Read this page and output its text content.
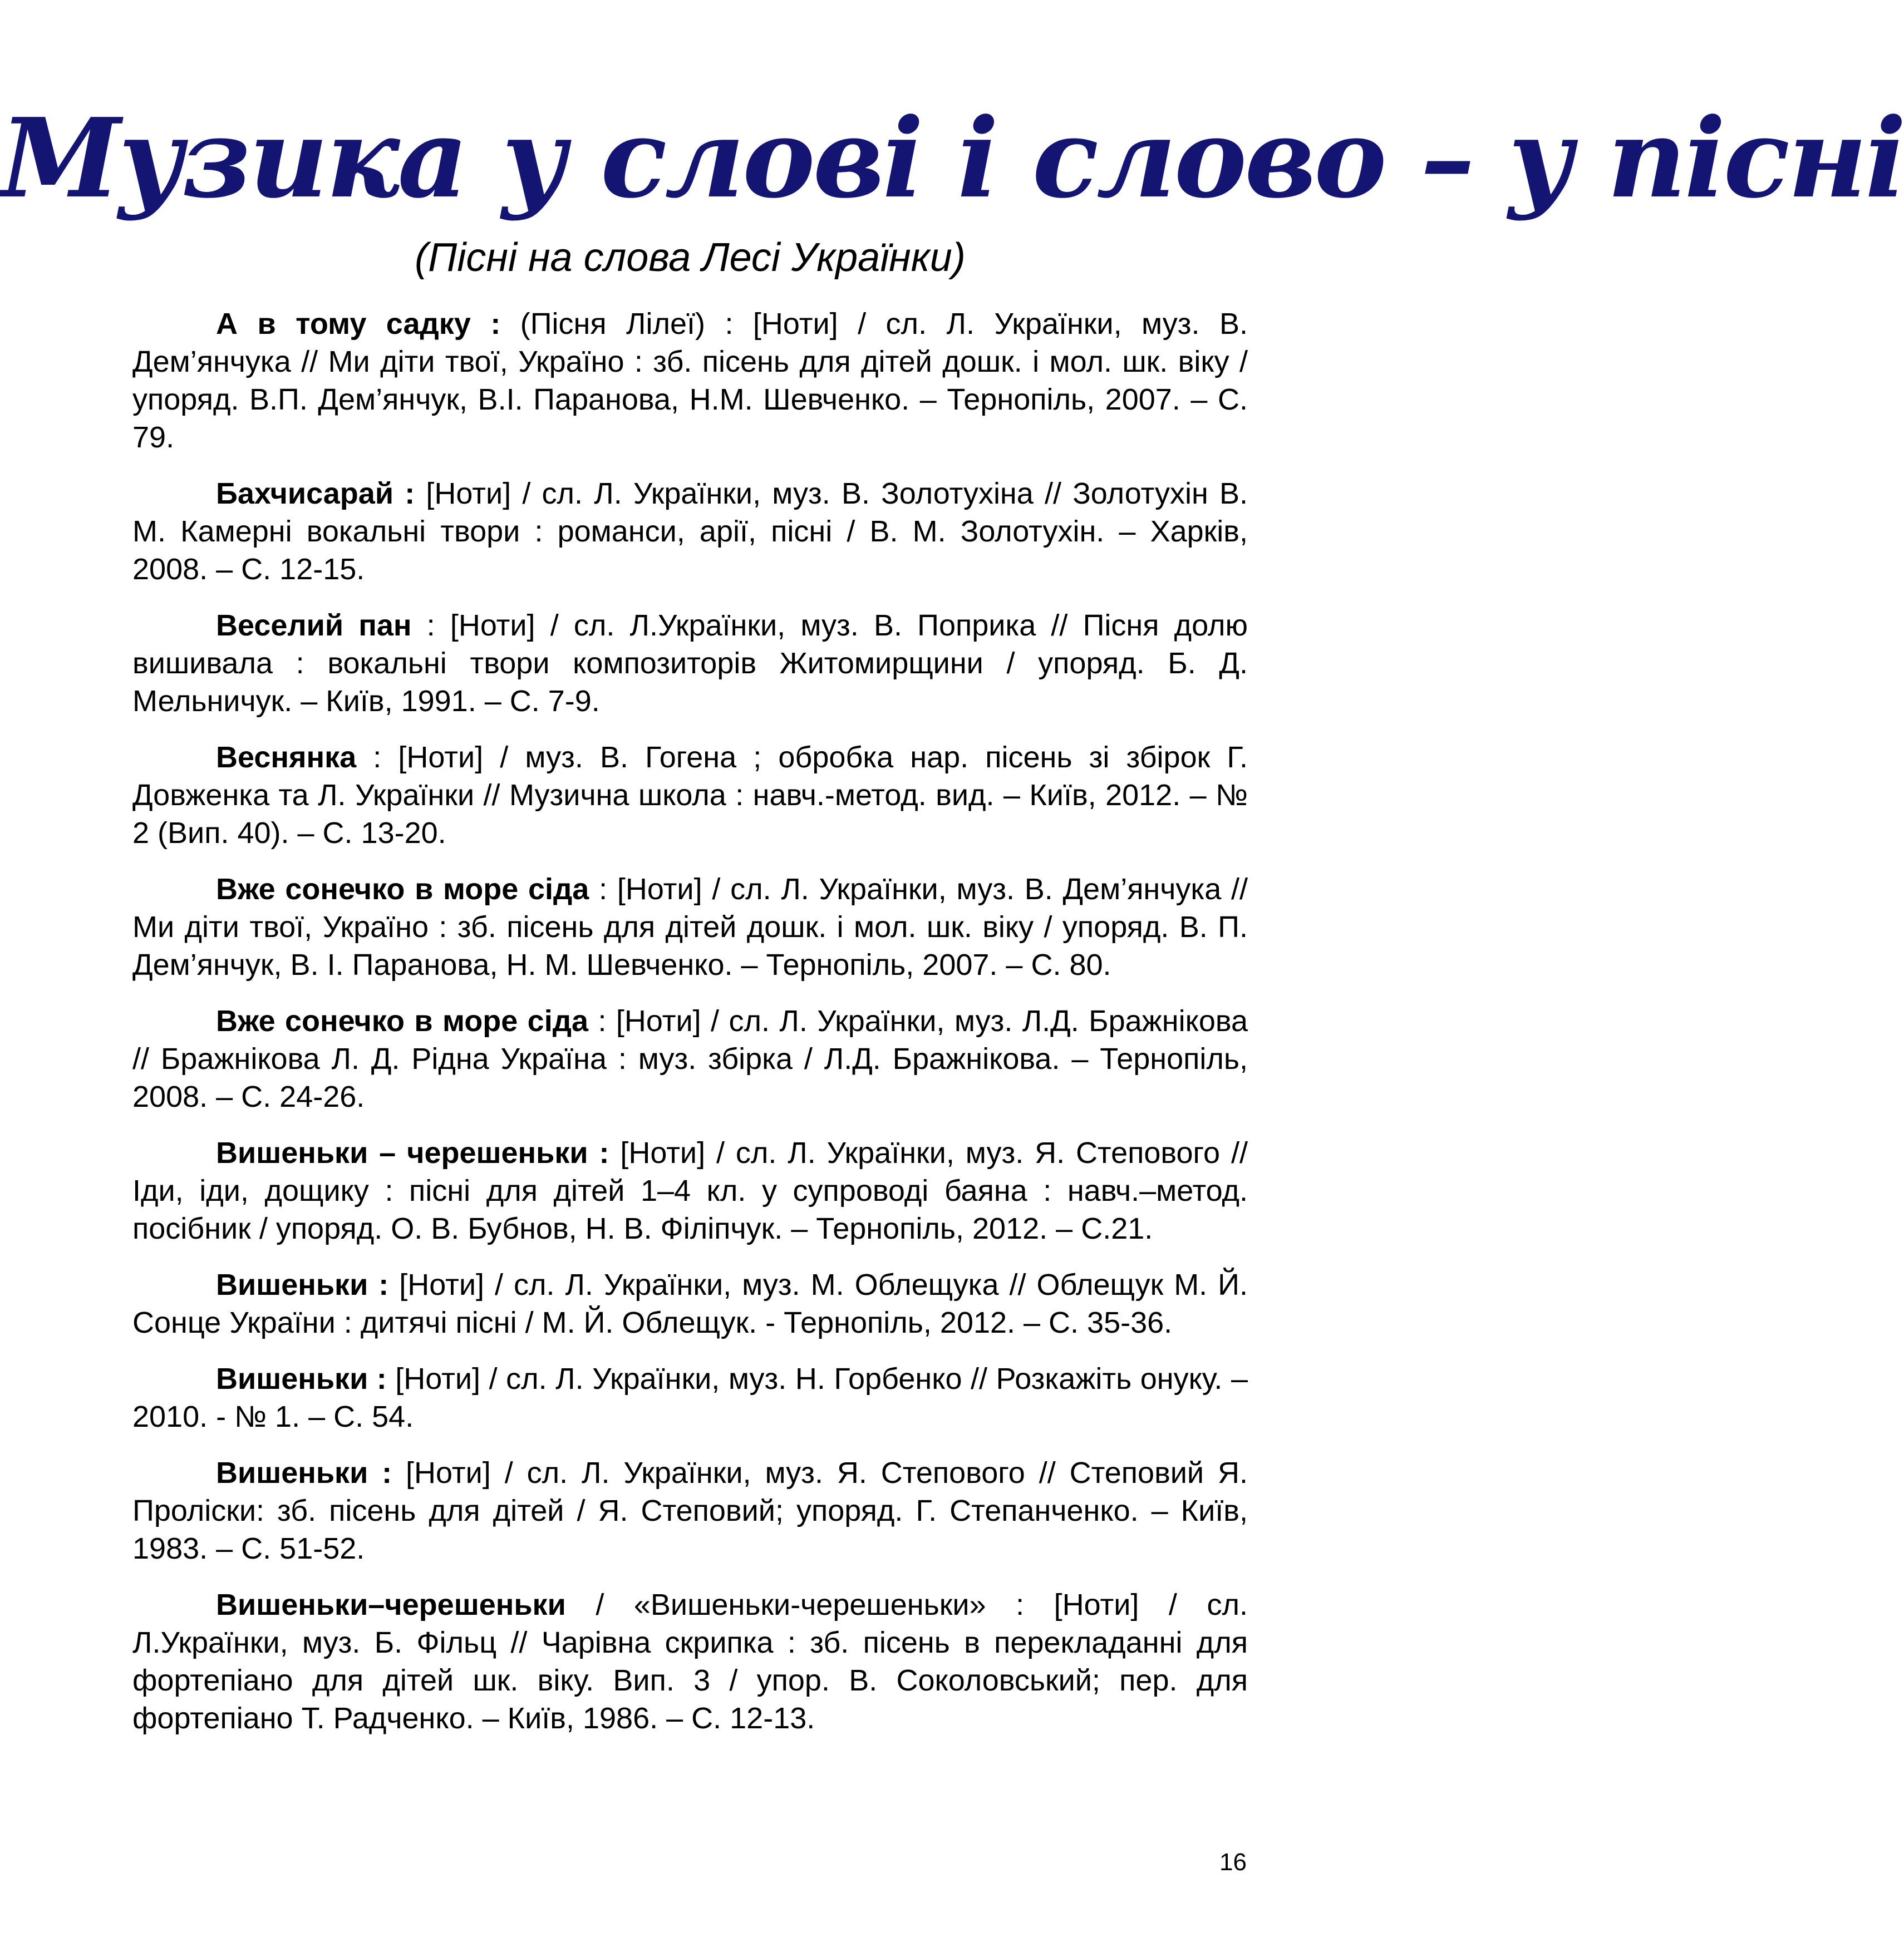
Музика у слові і слово – у пісні
(Пісні на слова Лесі Українки)

А в тому садку : (Пісня Лілеї) : [Ноти] / сл. Л. Українки, муз. В. Дем’янчука // Ми діти твої, Україно : зб. пісень для дітей дошк. і мол. шк. віку / упоряд. В.П. Дем’янчук, В.І. Паранова, Н.М. Шевченко. – Тернопіль, 2007. – С. 79.

Бахчисарай : [Ноти] / сл. Л. Українки, муз. В. Золотухіна // Золотухін В. М. Камерні вокальні твори : романси, арії, пісні / В. М. Золотухін. – Харків, 2008. – С. 12-15.

Веселий пан : [Ноти] / сл. Л.Українки, муз. В. Поприка // Пісня долю вишивала : вокальні твори композиторів Житомирщини / упоряд. Б. Д. Мельничук. – Київ, 1991. – С. 7-9.

Веснянка : [Ноти] / муз. В. Гогена ; обробка нар. пісень зі збірок Г. Довженка та Л. Українки // Музична школа : навч.-метод. вид. – Київ, 2012. – № 2 (Вип. 40). – С. 13-20.

Вже сонечко в море сіда : [Ноти] / сл. Л. Українки, муз. В. Дем’янчука // Ми діти твої, Україно : зб. пісень для дітей дошк. і мол. шк. віку / упоряд. В. П. Дем’янчук, В. І. Паранова, Н. М. Шевченко. – Тернопіль, 2007. – С. 80.

Вже сонечко в море сіда : [Ноти] / сл. Л. Українки, муз. Л.Д. Бражнікова // Бражнікова Л. Д. Рідна Україна : муз. збірка / Л.Д. Бражнікова. – Тернопіль, 2008. – С. 24-26.

Вишеньки – черешеньки : [Ноти] / сл. Л. Українки, муз. Я. Степового // Іди, іди, дощику : пісні для дітей 1–4 кл. у супроводі баяна : навч.–метод. посібник / упоряд. О. В. Бубнов, Н. В. Філіпчук. – Тернопіль, 2012. – С.21.

Вишеньки : [Ноти] / сл. Л. Українки, муз. М. Облещука // Облещук М. Й. Сонце України : дитячі пісні / М. Й. Облещук. - Тернопіль, 2012. – С. 35-36.

Вишеньки : [Ноти] / сл. Л. Українки, муз. Н. Горбенко // Розкажіть онуку. – 2010. - № 1. – С. 54.

Вишеньки : [Ноти] / сл. Л. Українки, муз. Я. Степового // Степовий Я. Проліски: зб. пісень для дітей / Я. Степовий; упоряд. Г. Степанченко. – Київ, 1983. – С. 51-52.

Вишеньки–черешеньки / «Вишеньки-черешеньки» : [Ноти] / сл. Л.Українки, муз. Б. Фільц // Чарівна скрипка : зб. пісень в перекладанні для фортепіано для дітей шк. віку. Вип. 3 / упор. В. Соколовський; пер. для фортепіано Т. Радченко. – Київ, 1986. – С. 12-13.

16
